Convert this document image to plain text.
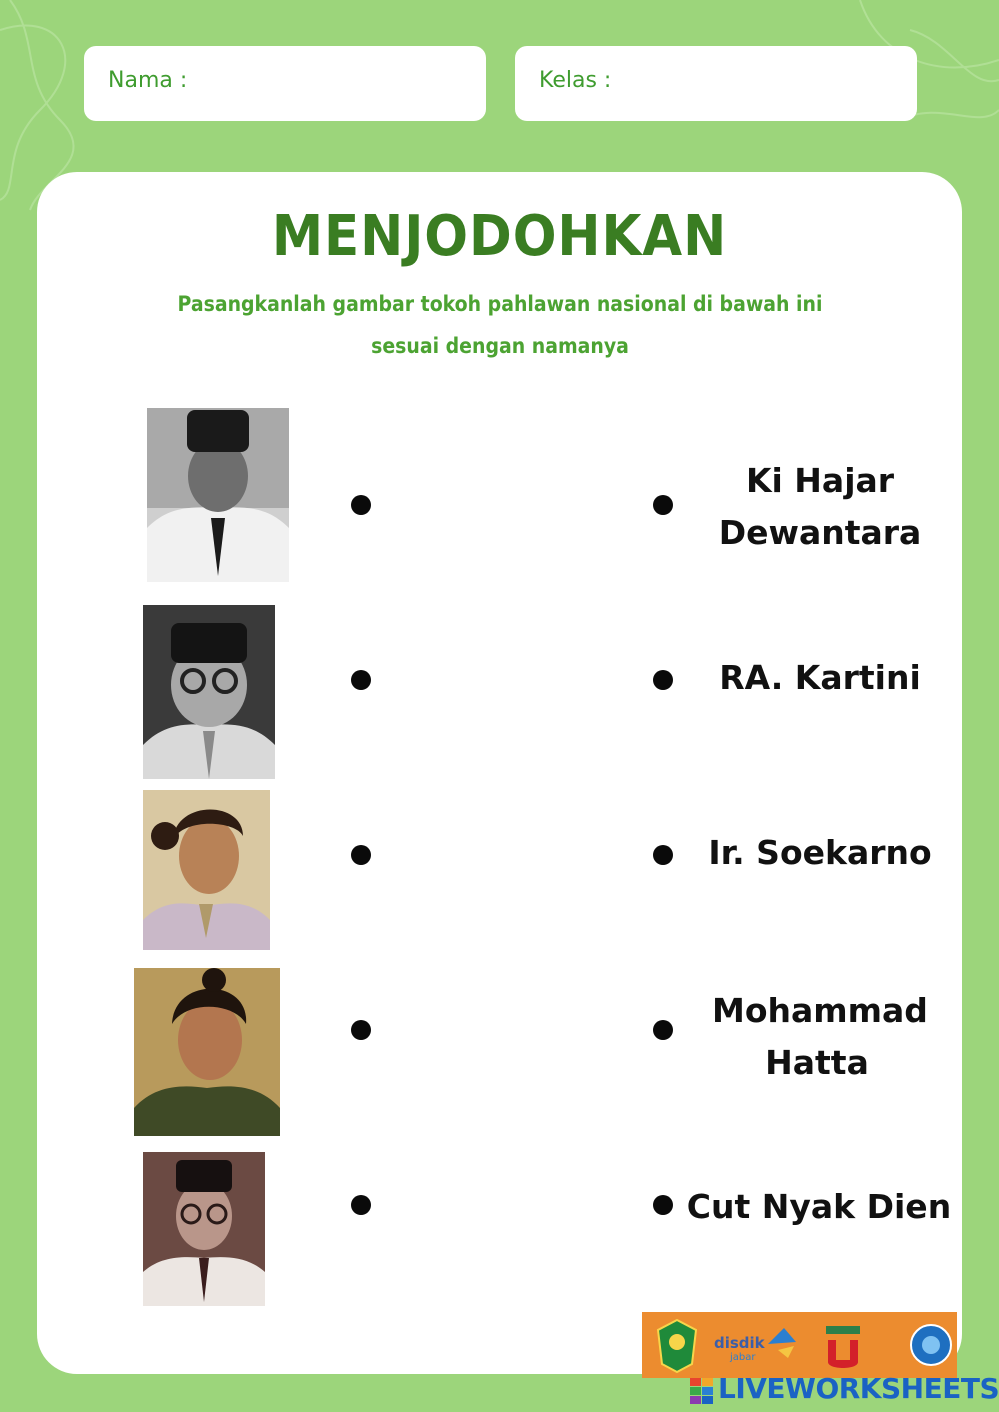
Nama :	Kelas :
MENJODOHKAN
Pasangkanlah gambar tokoh pahlawan nasional di bawah ini sesuai dengan namanya
Ki Hajar Dewantara
RA. Kartini
Ir. Soekarno
Mohammad Hatta
Cut Nyak Dien
disdik
jabar
LIVEWORKSHEETS
